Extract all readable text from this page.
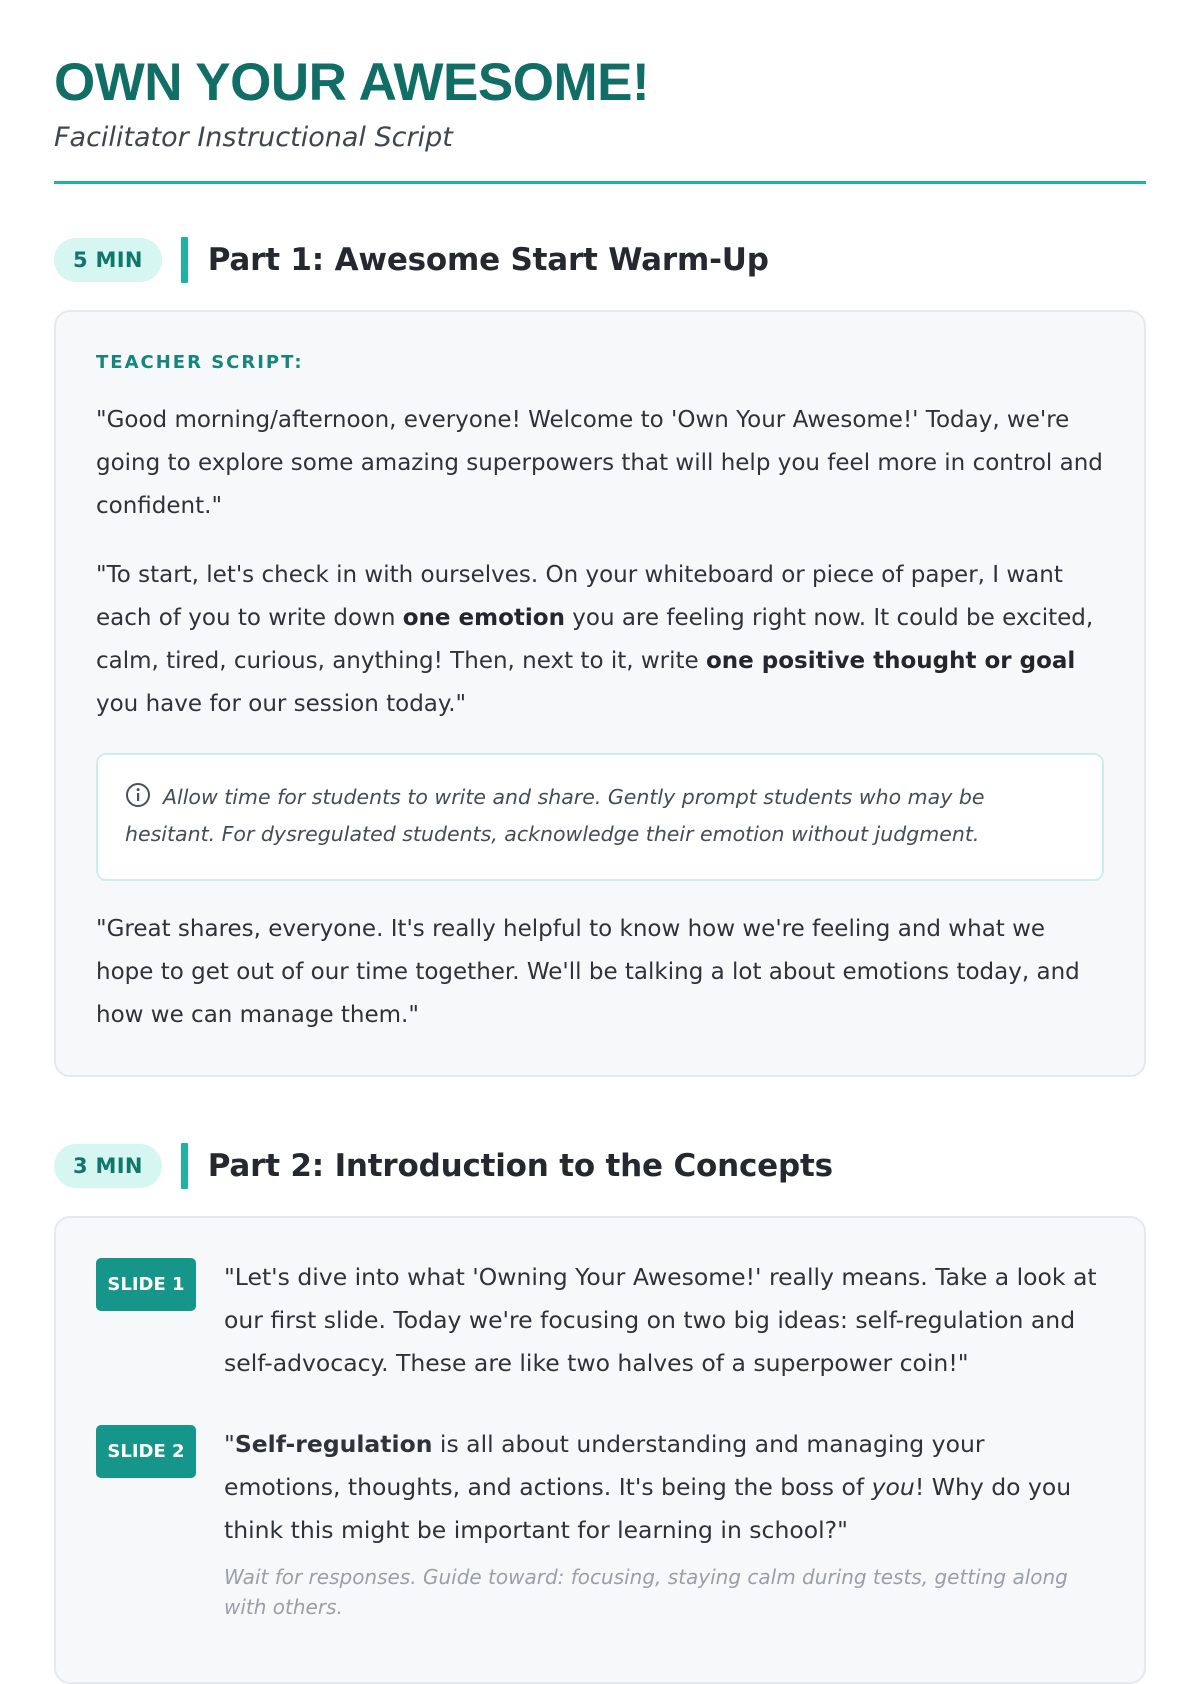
OWN YOUR AWESOME!
Facilitator Instructional Script
5 MIN	Part 1: Awesome Start Warm-Up
TEACHER SCRIPT:

"Good morning/afternoon, everyone! Welcome to 'Own Your Awesome!' Today, we're going to explore some amazing superpowers that will help you feel more in control and confident."

"To start, let's check in with ourselves. On your whiteboard or piece of paper, I want each of you to write down one emotion you are feeling right now. It could be excited, calm, tired, curious, anything! Then, next to it, write one positive thought or goal you have for our session today."

Allow time for students to write and share. Gently prompt students who may be hesitant. For dysregulated students, acknowledge their emotion without judgment.

"Great shares, everyone. It's really helpful to know how we're feeling and what we hope to get out of our time together. We'll be talking a lot about emotions today, and how we can manage them."

3 MIN	Part 2: Introduction to the Concepts
SLIDE 1	"Let's dive into what 'Owning Your Awesome!' really means. Take a look at our first slide. Today we're focusing on two big ideas: self-regulation and self-advocacy. These are like two halves of a superpower coin!"

SLIDE 2	"Self-regulation is all about understanding and managing your emotions, thoughts, and actions. It's being the boss of you! Why do you think this might be important for learning in school?"

Wait for responses. Guide toward: focusing, staying calm during tests, getting along with others.
